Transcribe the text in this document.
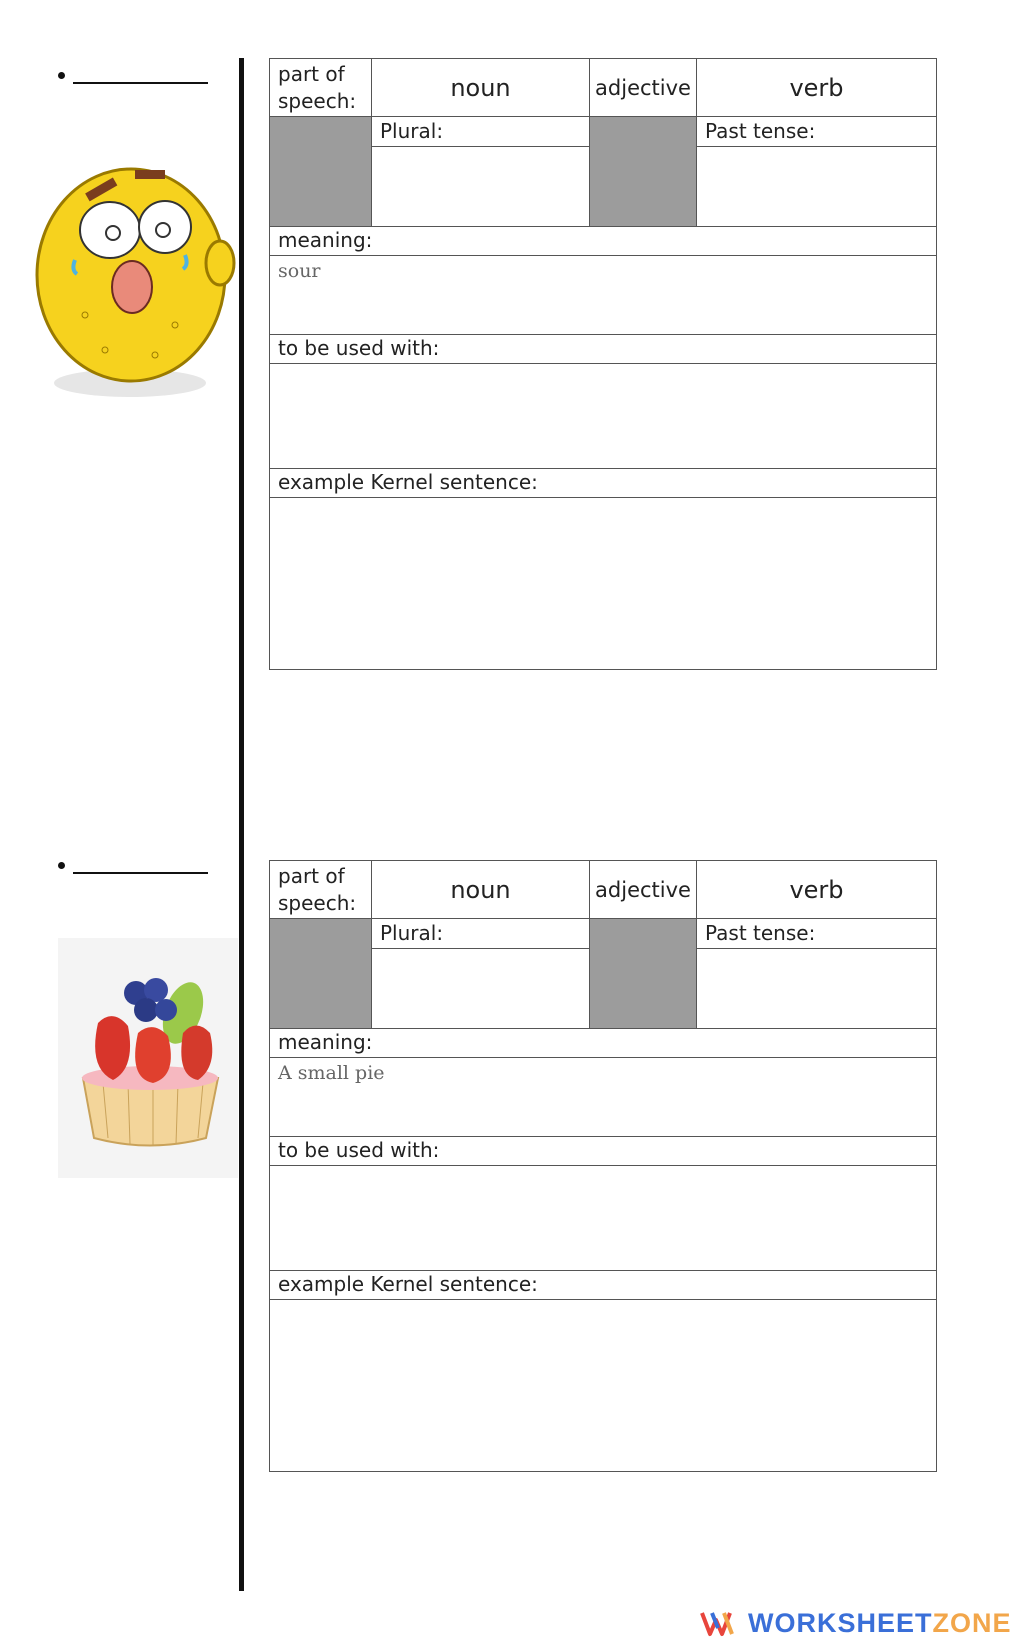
part of speech:	noun	adjective	verb
Plural:	Past tense:
meaning:
sour
to be used with:
example Kernel sentence:
part of speech:	noun	adjective	verb
Plural:	Past tense:
meaning:
A small pie
to be used with:
example Kernel sentence:
WORKSHEETZONE
